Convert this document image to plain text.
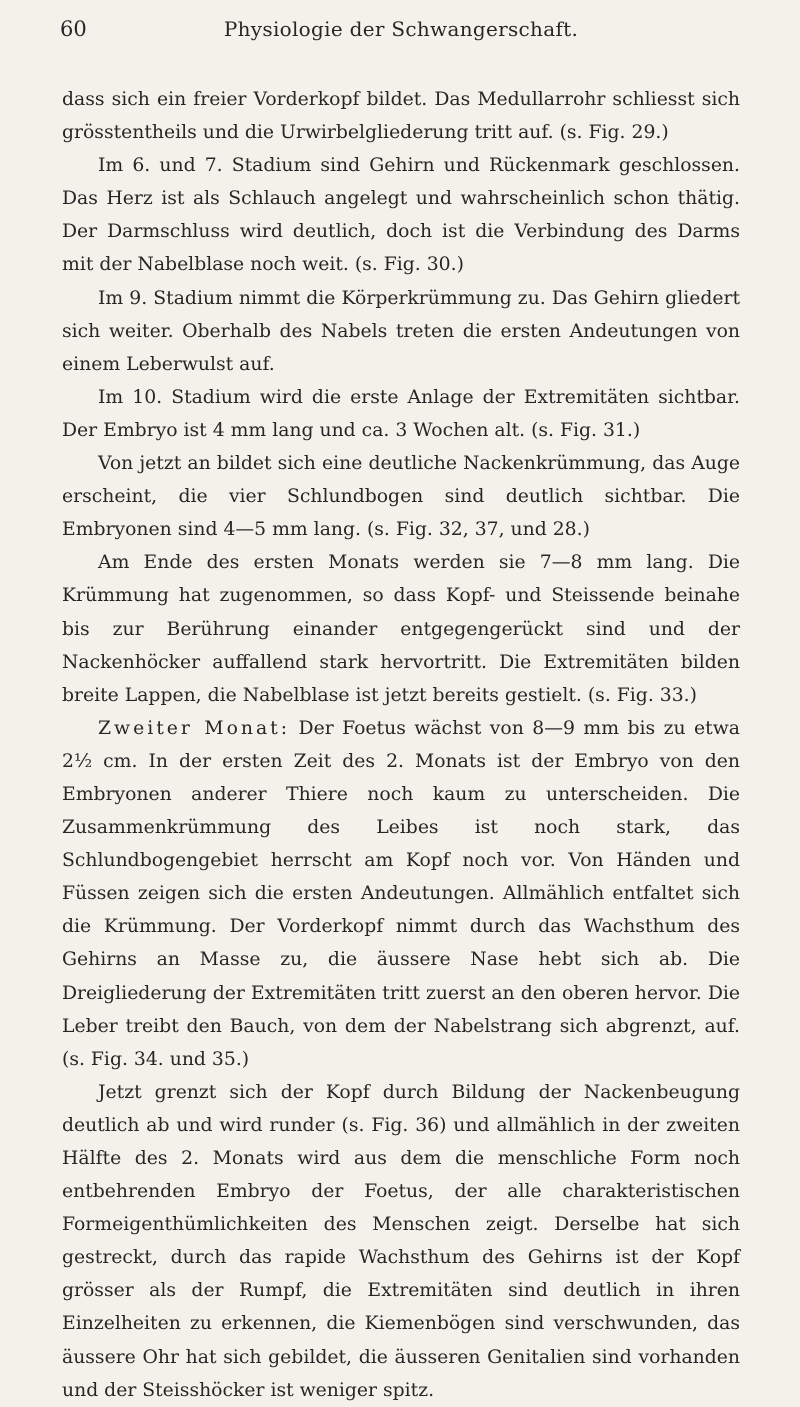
60	Physiologie der Schwangerschaft.

dass sich ein freier Vorderkopf bildet. Das Medullarrohr schliesst sich grösstentheils und die Urwirbelgliederung tritt auf. (s. Fig. 29.)

Im 6. und 7. Stadium sind Gehirn und Rückenmark geschlossen. Das Herz ist als Schlauch angelegt und wahrscheinlich schon thätig. Der Darmschluss wird deutlich, doch ist die Verbindung des Darms mit der Nabelblase noch weit. (s. Fig. 30.)

Im 9. Stadium nimmt die Körperkrümmung zu. Das Gehirn gliedert sich weiter. Oberhalb des Nabels treten die ersten Andeutungen von einem Leberwulst auf.

Im 10. Stadium wird die erste Anlage der Extremitäten sichtbar. Der Embryo ist 4 mm lang und ca. 3 Wochen alt. (s. Fig. 31.)

Von jetzt an bildet sich eine deutliche Nackenkrümmung, das Auge erscheint, die vier Schlundbogen sind deutlich sichtbar. Die Embryonen sind 4—5 mm lang. (s. Fig. 32, 37, und 28.)

Am Ende des ersten Monats werden sie 7—8 mm lang. Die Krümmung hat zugenommen, so dass Kopf- und Steissende beinahe bis zur Berührung einander entgegengerückt sind und der Nackenhöcker auffallend stark hervortritt. Die Extremitäten bilden breite Lappen, die Nabelblase ist jetzt bereits gestielt. (s. Fig. 33.)

Zweiter Monat: Der Foetus wächst von 8—9 mm bis zu etwa 2½ cm. In der ersten Zeit des 2. Monats ist der Embryo von den Embryonen anderer Thiere noch kaum zu unterscheiden. Die Zusammenkrümmung des Leibes ist noch stark, das Schlundbogengebiet herrscht am Kopf noch vor. Von Händen und Füssen zeigen sich die ersten Andeutungen. Allmählich entfaltet sich die Krümmung. Der Vorderkopf nimmt durch das Wachsthum des Gehirns an Masse zu, die äussere Nase hebt sich ab. Die Dreigliederung der Extremitäten tritt zuerst an den oberen hervor. Die Leber treibt den Bauch, von dem der Nabelstrang sich abgrenzt, auf. (s. Fig. 34. und 35.)

Jetzt grenzt sich der Kopf durch Bildung der Nackenbeugung deutlich ab und wird runder (s. Fig. 36) und allmählich in der zweiten Hälfte des 2. Monats wird aus dem die menschliche Form noch entbehrenden Embryo der Foetus, der alle charakteristischen Formeigenthümlichkeiten des Menschen zeigt. Derselbe hat sich gestreckt, durch das rapide Wachsthum des Gehirns ist der Kopf grösser als der Rumpf, die Extremitäten sind deutlich in ihren Einzelheiten zu erkennen, die Kiemenbögen sind verschwunden, das äussere Ohr hat sich gebildet, die äusseren Genitalien sind vorhanden und der Steisshöcker ist weniger spitz.
